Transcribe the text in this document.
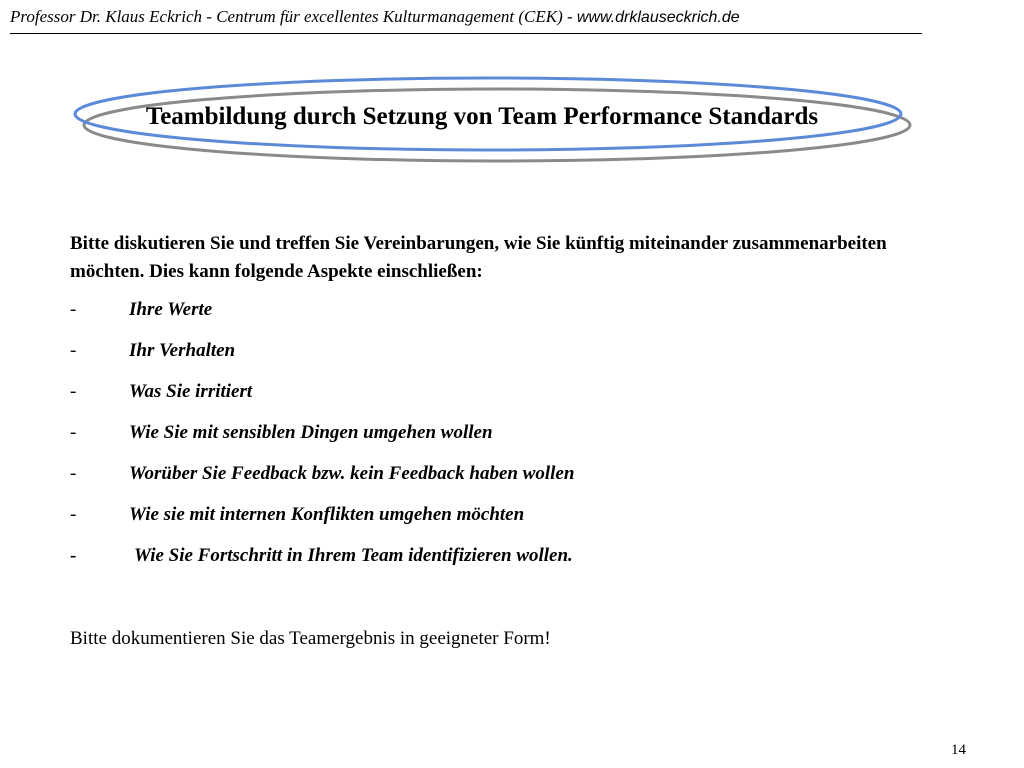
Professor Dr. Klaus Eckrich - Centrum für excellentes Kulturmanagement (CEK) - www.drklauseckrich.de
Teambildung durch Setzung von Team Performance Standards
Bitte diskutieren Sie und treffen Sie Vereinbarungen, wie Sie künftig miteinander zusammenarbeiten möchten. Dies kann folgende Aspekte einschließen:
-	Ihre Werte
-	Ihr Verhalten
-	Was Sie irritiert
-	Wie Sie mit sensiblen Dingen umgehen wollen
-	Worüber Sie Feedback bzw. kein Feedback haben wollen
-	Wie sie mit internen Konflikten umgehen möchten
-	Wie Sie Fortschritt in Ihrem Team identifizieren wollen.
Bitte dokumentieren Sie das Teamergebnis in geeigneter Form!
14
